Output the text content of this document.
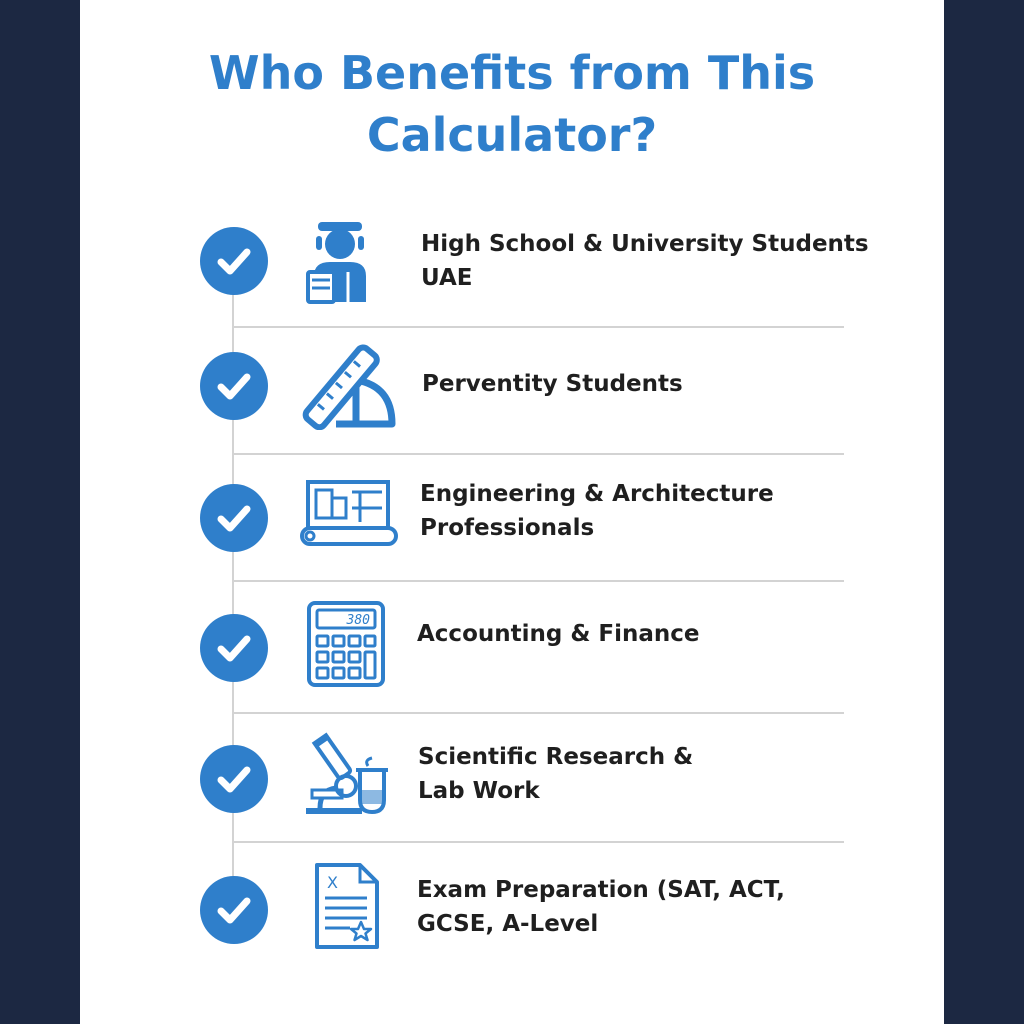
Who Benefits from This
Calculator?

High School & University Students
UAE

Perventity Students

Engineering & Architecture
Professionals

380

Accounting & Finance

Scientific Research &
Lab Work

X	Exam Preparation (SAT, ACT,
GCSE, A-Level
